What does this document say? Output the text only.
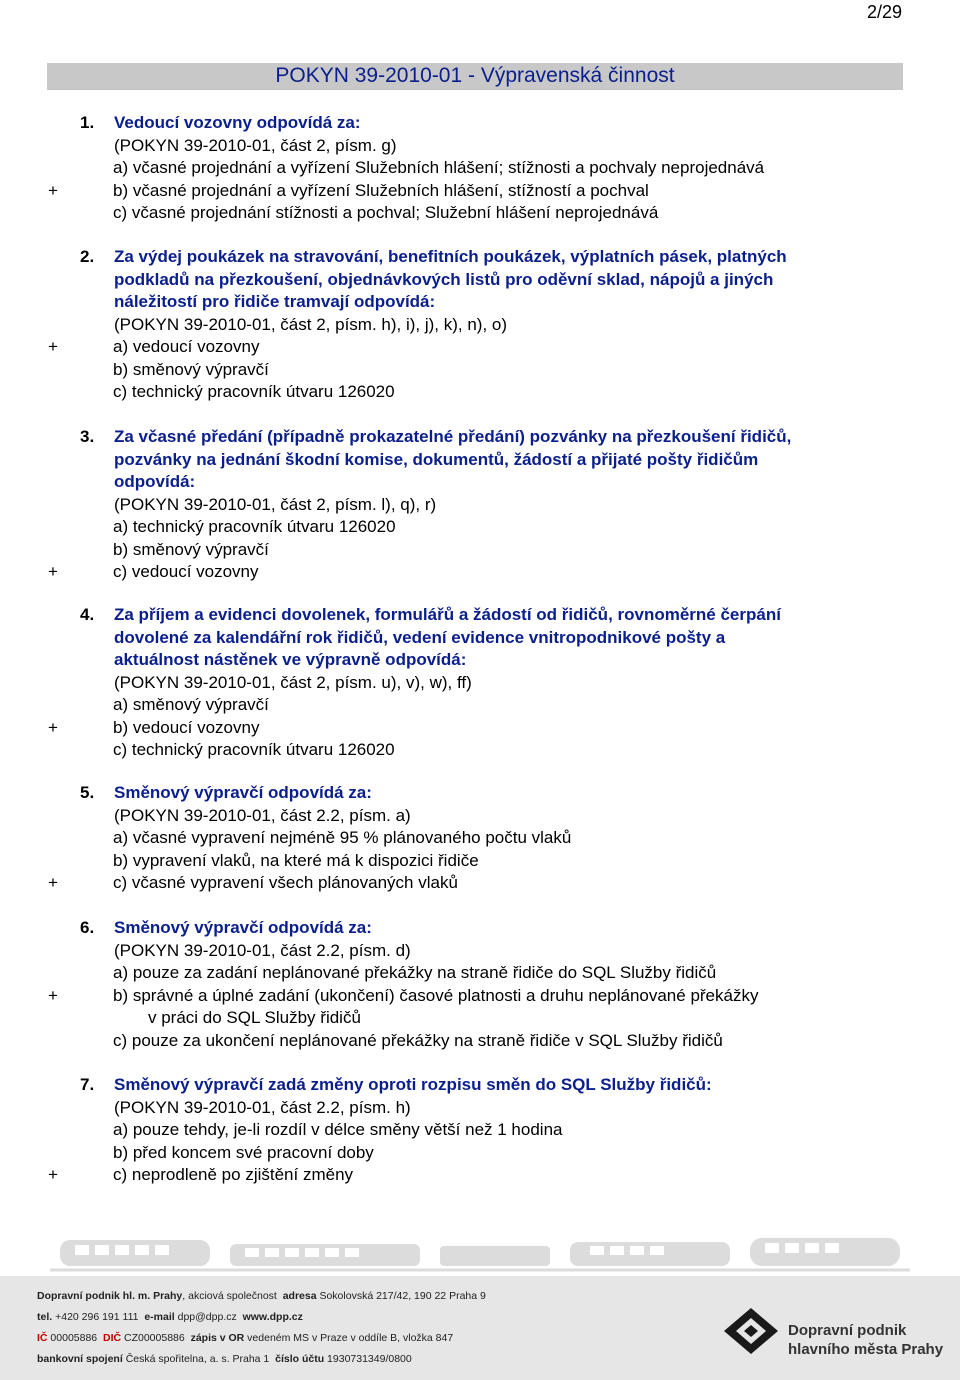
2/29
POKYN 39-2010-01 - Výpravenská činnost
1. Vedoucí vozovny odpovídá za:
(POKYN 39-2010-01, část 2, písm. g)
a) včasné projednání a vyřízení Služebních hlášení; stížnosti a pochvaly neprojednává
+	b) včasné projednání a vyřízení Služebních hlášení, stížností a pochval
c) včasné projednání stížnosti a pochval; Služební hlášení neprojednává
2. Za výdej poukázek na stravování, benefitních poukázek, výplatních pásek, platných
podkladů na přezkoušení, objednávkových listů pro oděvní sklad, nápojů a jiných
náležitostí pro řidiče tramvají odpovídá:
(POKYN 39-2010-01, část 2, písm. h), i), j), k), n), o)
+	a) vedoucí vozovny
b) směnový výpravčí
c) technický pracovník útvaru 126020
3. Za včasné předání (případně prokazatelné předání) pozvánky na přezkoušení řidičů,
pozvánky na jednání škodní komise, dokumentů, žádostí a přijaté pošty řidičům
odpovídá:
(POKYN 39-2010-01, část 2, písm. l), q), r)
a) technický pracovník útvaru 126020
b) směnový výpravčí
+	c) vedoucí vozovny
4. Za příjem a evidenci dovolenek, formulářů a žádostí od řidičů, rovnoměrné čerpání
dovolené za kalendářní rok řidičů, vedení evidence vnitropodnikové pošty a
aktuálnost nástěnek ve výpravně odpovídá:
(POKYN 39-2010-01, část 2, písm. u), v), w), ff)
a) směnový výpravčí
+	b) vedoucí vozovny
c) technický pracovník útvaru 126020
5. Směnový výpravčí odpovídá za:
(POKYN 39-2010-01, část 2.2, písm. a)
a) včasné vypravení nejméně 95 % plánovaného počtu vlaků
b) vypravení vlaků, na které má k dispozici řidiče
+	c) včasné vypravení všech plánovaných vlaků
6. Směnový výpravčí odpovídá za:
(POKYN 39-2010-01, část 2.2, písm. d)
a) pouze za zadání neplánované překážky na straně řidiče do SQL Služby řidičů
+	b) správné a úplné zadání (ukončení) časové platnosti a druhu neplánované překážky
v práci do SQL Služby řidičů
c) pouze za ukončení neplánované překážky na straně řidiče v SQL Služby řidičů
7. Směnový výpravčí zadá změny oproti rozpisu směn do SQL Služby řidičů:
(POKYN 39-2010-01, část 2.2, písm. h)
a) pouze tehdy, je-li rozdíl v délce směny větší než 1 hodina
b) před koncem své pracovní doby
+	c) neprodleně po zjištění změny
Dopravní podnik hl. m. Prahy, akciová společnost adresa Sokolovská 217/42, 190 22 Praha 9
tel. +420 296 191 111 e-mail dpp@dpp.cz www.dpp.cz
IČ 00005886 DIČ CZ00005886 zápis v OR vedeném MS v Praze v oddíle B, vložka 847
bankovní spojení Česká spořitelna, a. s. Praha 1 číslo účtu 1930731349/0800
Dopravní podnik
hlavního města Prahy
